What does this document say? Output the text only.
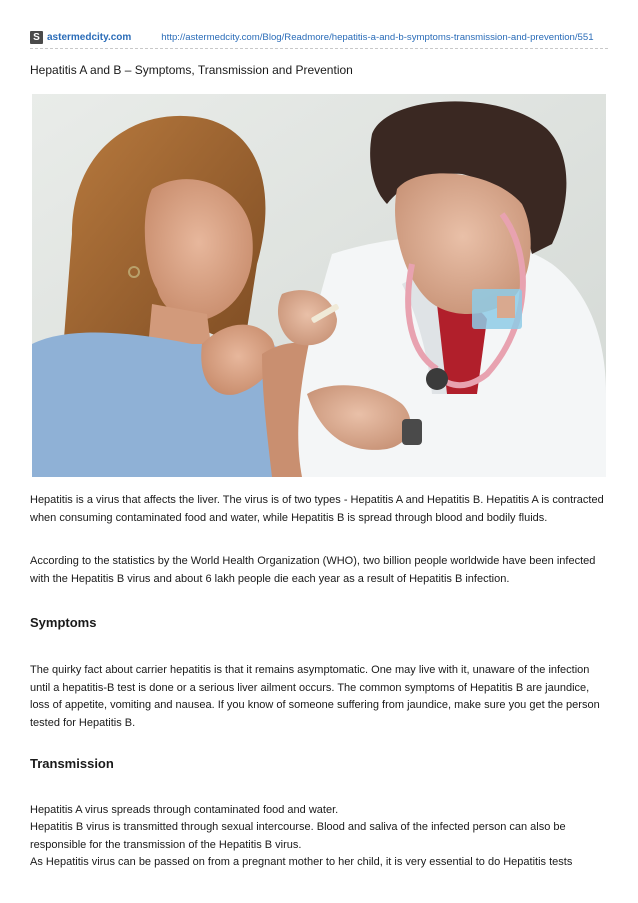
S astermedcity.com	http://astermedcity.com/Blog/Readmore/hepatitis-a-and-b-symptoms-transmission-and-prevention/551
Hepatitis A and B – Symptoms, Transmission and Prevention

Hepatitis is a virus that affects the liver. The virus is of two types - Hepatitis A and Hepatitis B. Hepatitis A is contracted when consuming contaminated food and water, while Hepatitis B is spread through blood and bodily fluids.

According to the statistics by the World Health Organization (WHO), two billion people worldwide have been infected with the Hepatitis B virus and about 6 lakh people die each year as a result of Hepatitis B infection.

Symptoms

The quirky fact about carrier hepatitis is that it remains asymptomatic. One may live with it, unaware of the infection until a hepatitis-B test is done or a serious liver ailment occurs. The common symptoms of Hepatitis B are jaundice, loss of appetite, vomiting and nausea. If you know of someone suffering from jaundice, make sure you get the person tested for Hepatitis B.

Transmission

Hepatitis A virus spreads through contaminated food and water.

Hepatitis B virus is transmitted through sexual intercourse. Blood and saliva of the infected person can also be responsible for the transmission of the Hepatitis B virus.

As Hepatitis virus can be passed on from a pregnant mother to her child, it is very essential to do Hepatitis tests
